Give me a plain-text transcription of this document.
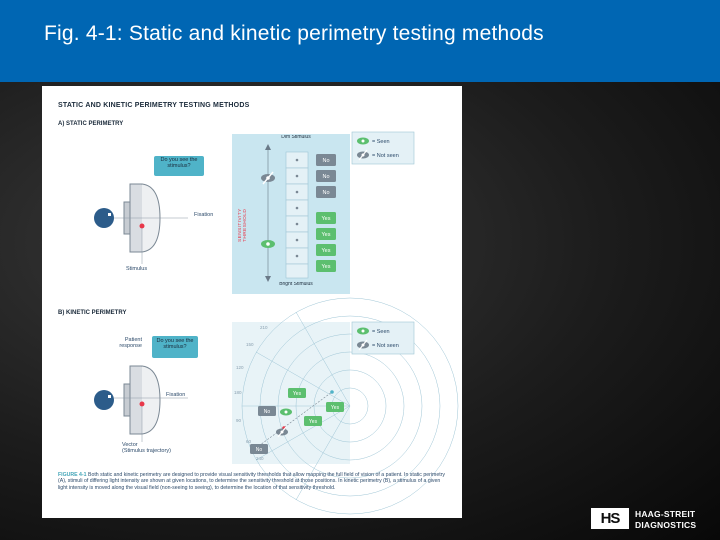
Fig. 4-1: Static and kinetic perimetry testing methods
STATIC AND KINETIC PERIMETRY TESTING METHODS
A) STATIC PERIMETRY
B) KINETIC PERIMETRY
Do you see the stimulus?
Fixation
Stimulus
SENSITIVITY THRESHOLD
Dim Stimulus
Bright Stimulus
No
No
No
Yes
Yes
Yes
Yes
= Seen
= Not seen
Patient response
Do you see the stimulus?
Fixation
Vector
(Stimulus trajectory)
210
150
120
180
90
60
240
Yes
Yes
Yes
No
No
= Seen
= Not seen
FIGURE 4-1 Both static and kinetic perimetry are designed to provide visual sensitivity thresholds that allow mapping the full field of vision of a patient. In static perimetry (A), stimuli of differing light intensity are shown at given locations, to determine the sensitivity threshold at those positions. In kinetic perimetry (B), a stimulus of a given light intensity is moved along the visual field (non-seeing to seeing), to determine the location of that sensitivity threshold.
HS	HAAG-STREIT
DIAGNOSTICS
